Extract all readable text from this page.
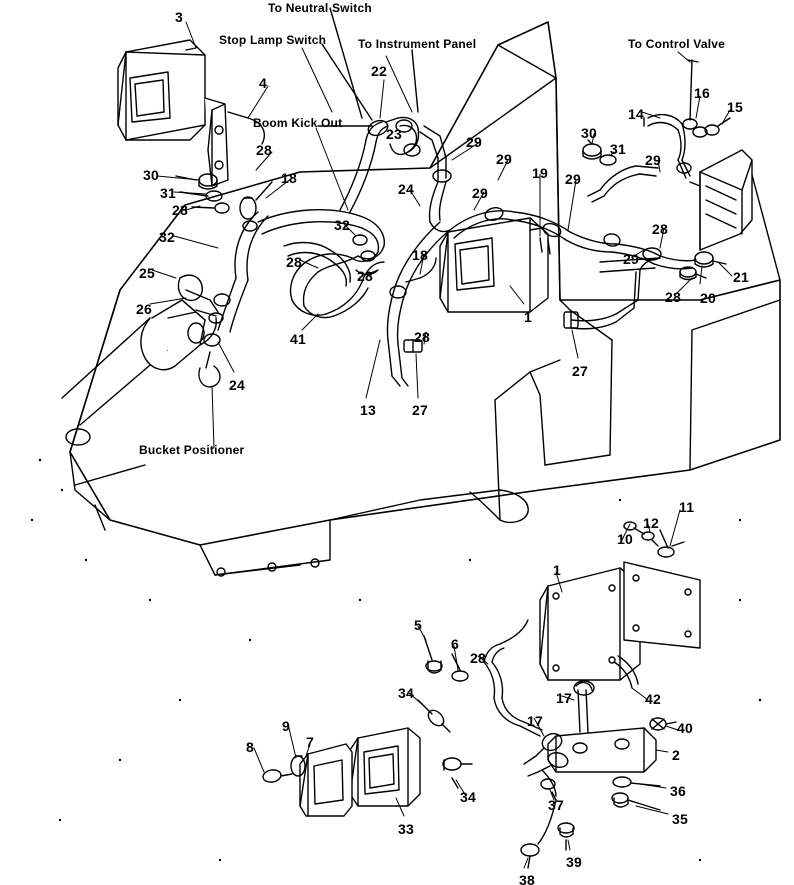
To Neutral Switch
Stop Lamp Switch	To Instrument Panel	To Control Valve
Boom Kick Out
Bucket Positioner
3
22
4
16
15
14
23
28	29
30
31
29	29
30
31
18	19 29
28
24	29
32	28
32
18	29
28
28
25	21
26
28 20
1
41	28
27
24
13	27
11
12
10
1
5
6
28
17	42
34
17	40
7
9
2
8
36
34	37
35
33
39
38
